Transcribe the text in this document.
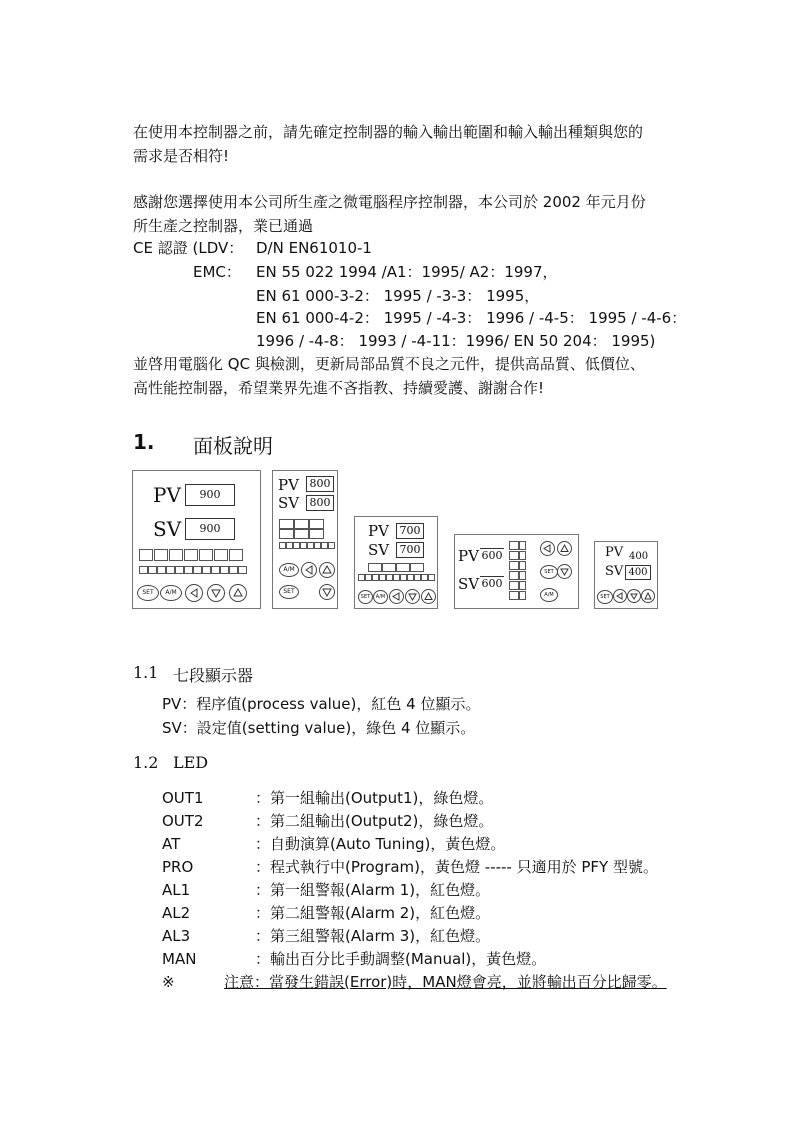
在使用本控制器之前，請先確定控制器的輸入輸出範圍和輸入輸出種類與您的
需求是否相符!
感謝您選擇使用本公司所生產之微電腦程序控制器，本公司於 2002 年元月份
所生產之控制器，業已通過
CE 認證 (LDV： D/N EN61010-1
EMC： EN 55 022 1994 /A1：1995/ A2：1997，
EN 61 000-3-2： 1995 / -3-3： 1995，
EN 61 000-4-2： 1995 / -4-3： 1996 / -4-5： 1995 / -4-6：
1996 / -4-8： 1993 / -4-11：1996/ EN 50 204： 1995)
並啓用電腦化 QC 與檢測，更新局部品質不良之元件，提供高品質、低價位、
高性能控制器，希望業界先進不吝指教、持續愛護、謝謝合作!
1. 面板說明
PV	900
SV	900
SET	A/M
PV 800
SV 800
A/M
SET
PV 700
SV 700
SET	A/M
PV 600
SV 600
SET
A/M
PV 400
SV 400
SET
1.1 七段顯示器
PV：程序值(process value)，紅色 4 位顯示。
SV：設定值(setting value)，綠色 4 位顯示。
1.2 LED
OUT1	：第一組輸出(Output1)，綠色燈。
OUT2	：第二組輸出(Output2)，綠色燈。
AT	：自動演算(Auto Tuning)，黃色燈。
PRO	：程式執行中(Program)，黃色燈 ----- 只適用於 PFY 型號。
AL1	：第一組警報(Alarm 1)，紅色燈。
AL2	：第二組警報(Alarm 2)，紅色燈。
AL3	：第三組警報(Alarm 3)，紅色燈。
MAN	：輸出百分比手動調整(Manual)，黃色燈。
※	注意：當發生錯誤(Error)時，MAN燈會亮，並將輸出百分比歸零。
